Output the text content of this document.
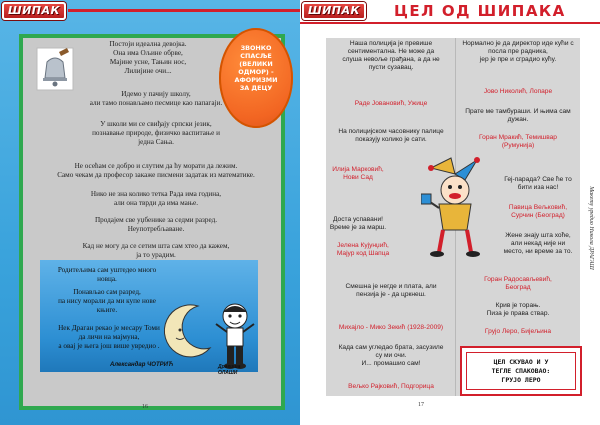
ШИПАК

Постоји идеална девојка.
Она има Ољине обрве,
Мајине усне, Тањин нос,
Лилијине очи...

Идемо у пачију школу,
али тамо понављамо песмице као папагаји.

У школи ми се свиђају српски језик,
познавање природе, физичко васпитање и
једна Сања.

Не осећам се добро и слутим да ћу морати да лежим.
Само чекам да професор закаже писмени задатак из математике.

Нико не зна колико тетка Рада има година,
али она тврди да има мање.

Продајем све уџбенике за седми разред.
Неупотребљаване.

Кад не могу да се сетим шта сам хтео да кажем,
ја то урадим.

ЗВОНКО
СПАСЉЕ
(ВЕЛИКИ
ОДМОР) -
АФОРИЗМИ
ЗА ДЕЦУ
Родитељима сам уштедео много
новца.
Понављао сам разред,
па нису морали да ми купе нове
књиге.
Нек Драган рекао је месару Томи
да личи на мајмуна,
а овај је њега још више увредио .
Александар ЧОТРИЋ	Драгиша ОЛАШИ
16
ШИПАК	ЦЕЛ ОД ШИПАКА
Наша полиција је превише
сентиментална. Не може да
слуша невоље грађана, а да не
пусти сузавац.
Раде Јовановић, Ужице
На полицијском часовнику палице
показују колико је сати.
Илија Марковић,
Нови Сад
Доста успавани!
Време је за марш.
Јелена Кујунџић,
Мајур код Шапца
Смешна је негде и плата, али
пензија је - да цркнеш.
Михајло - Мико Зекић (1928-2009)
Када сам угледао брата, засузиле
су ми очи.
И... промашио сам!
Вељко Рајковић, Подгорица
Нормално је да директор иде кући с
посла пре радника,
јер је пре и сградио кућу.
Јово Николић, Лопаре
Прате ме тамбураши. И њима сам
дужан.
Горан Мракић, Темишвар
(Румунија)
Геј-парада? Све ће то
бити иза нас!
Павица Вељковић,
Сурчин (Београд)
Жене знају шта хоће,
али некад није ни
место, ни време за то.
Горан Радосављевић,
Београд
Крив је торањ.
Пиза је права ствар.
Грујо Леро, Бијељина
ЦЕЛ СКУВАО И У
ТЕГЛЕ СПАКОВАО:
ГРУЈО ЛЕРО
Макету уредио Никола ДРАГАШ
17
